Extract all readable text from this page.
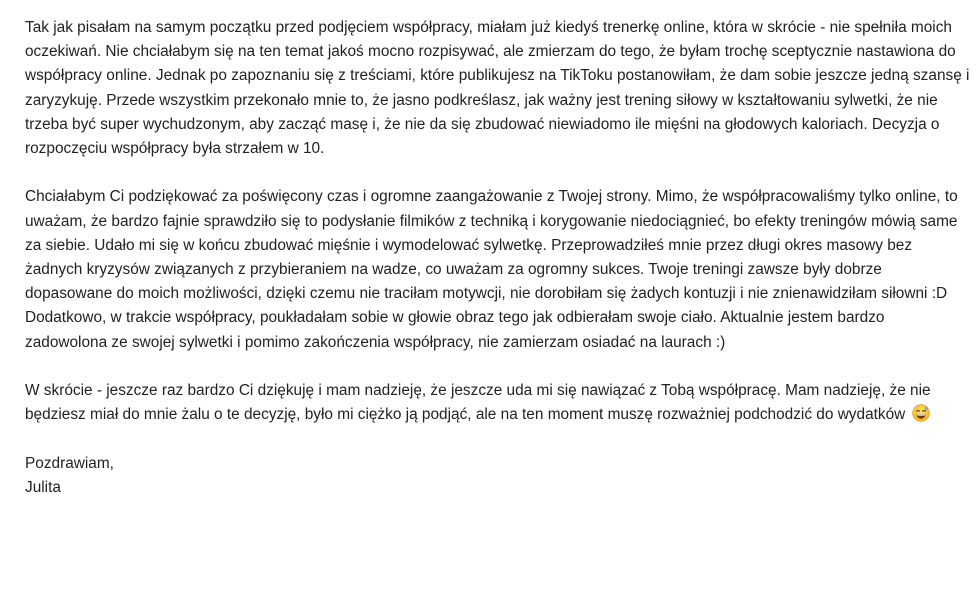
Tak jak pisałam na samym początku przed podjęciem współpracy, miałam już kiedyś trenerkę online, która w skrócie - nie spełniła moich oczekiwań. Nie chciałabym się na ten temat jakoś mocno rozpisywać, ale zmierzam do tego, że byłam trochę sceptycznie nastawiona do współpracy online. Jednak po zapoznaniu się z treściami, które publikujesz na TikToku postanowiłam, że dam sobie jeszcze jedną szansę i zaryzykuję. Przede wszystkim przekonało mnie to, że jasno podkreślasz, jak ważny jest trening siłowy w kształtowaniu sylwetki, że nie trzeba być super wychudzonym, aby zacząć masę i, że nie da się zbudować niewiadomo ile mięśni na głodowych kaloriach. Decyzja o rozpoczęciu współpracy była strzałem w 10.

Chciałabym Ci podziękować za poświęcony czas i ogromne zaangażowanie z Twojej strony. Mimo, że współpracowaliśmy tylko online, to uważam, że bardzo fajnie sprawdziło się to podysłanie filmików z techniką i korygowanie niedociągnieć, bo efekty treningów mówią same za siebie. Udało mi się w końcu zbudować mięśnie i wymodelować sylwetkę. Przeprowadziłeś mnie przez długi okres masowy bez żadnych kryzysów związanych z przybieraniem na wadze, co uważam za ogromny sukces. Twoje treningi zawsze były dobrze dopasowane do moich możliwości, dzięki czemu nie traciłam motywcji, nie dorobiłam się żadych kontuzji i nie znienawidziłam siłowni :D Dodatkowo, w trakcie współpracy, poukładałam sobie w głowie obraz tego jak odbierałam swoje ciało. Aktualnie jestem bardzo zadowolona ze swojej sylwetki i pomimo zakończenia współpracy, nie zamierzam osiadać na laurach :)

W skrócie - jeszcze raz bardzo Ci dziękuję i mam nadzieję, że jeszcze uda mi się nawiązać z Tobą współpracę. Mam nadzieję, że nie będziesz miał do mnie żalu o te decyzję, było mi ciężko ją podjąć, ale na ten moment muszę rozważniej podchodzić do wydatków

Pozdrawiam,
Julita
